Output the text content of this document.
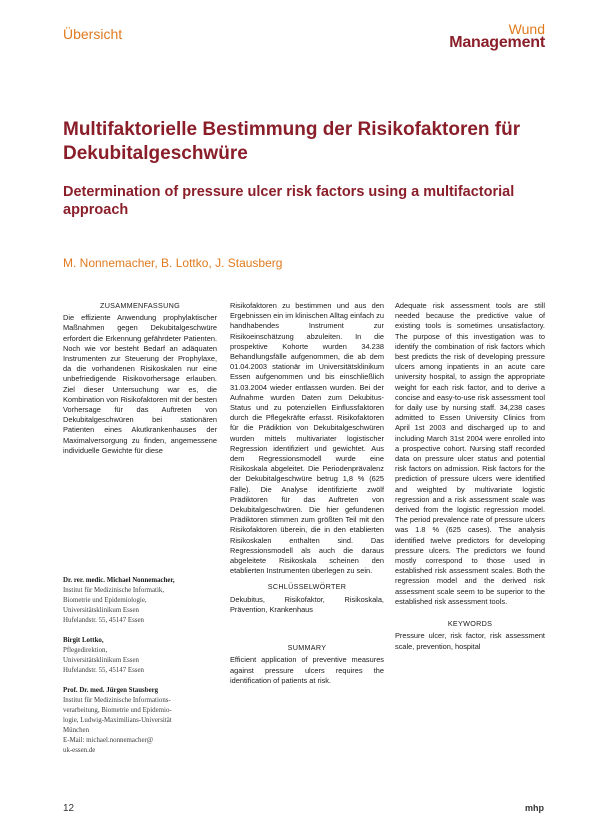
Übersicht	Wund
Management
Multifaktorielle Bestimmung der Risikofaktoren für Dekubitalgeschwüre
Determination of pressure ulcer risk factors using a multifactorial approach
M. Nonnemacher, B. Lottko, J. Stausberg
ZUSAMMENFASSUNG

Die effiziente Anwendung prophylaktischer Maßnahmen gegen Dekubitalgeschwüre erfordert die Erkennung gefährdeter Patienten. Noch wie vor besteht Bedarf an adäquaten Instrumenten zur Steuerung der Prophylaxe, da die vorhandenen Risikoskalen nur eine unbefriedigende Risikovorhersage erlauben. Ziel dieser Untersuchung war es, die Kombination von Risikofaktoren mit der besten Vorhersage für das Auftreten von Dekubitalgeschwüren bei stationären Patienten eines Akutkrankenhauses der Maximalversorgung zu finden, angemessene individuelle Gewichte für diese

Dr. rer. medic. Michael Nonnemacher,
Institut für Medizinische Informatik,
Biometrie und Epidemiologie,
Universitätsklinikum Essen
Hufelandstr. 55, 45147 Essen
Birgit Lottko,
Pflegedirektion,
Universitätsklinikum Essen
Hufelandstr. 55, 45147 Essen
Prof. Dr. med. Jürgen Stausberg
Institut für Medizinische Informations-
verarbeitung, Biometrie und Epidemio-
logie, Ludwig-Maximilians-Universität
München
E-Mail: michael.nonnemacher@
uk-essen.de

Risikofaktoren zu bestimmen und aus den Ergebnissen ein im klinischen Alltag einfach zu handhabendes Instrument zur Risikoeinschätzung abzuleiten. In die prospektive Kohorte wurden 34.238 Behandlungsfälle aufgenommen, die ab dem 01.04.2003 stationär im Universitätsklinikum Essen aufgenommen und bis einschließlich 31.03.2004 wieder entlassen wurden. Bei der Aufnahme wurden Daten zum Dekubitus-Status und zu potenziellen Einflussfaktoren durch die Pflegekräfte erfasst. Risikofaktoren für die Prädiktion von Dekubitalgeschwüren wurden mittels multivariater logistischer Regression identifiziert und gewichtet. Aus dem Regressionsmodell wurde eine Risikoskala abgeleitet. Die Periodenprävalenz der Dekubitalgeschwüre betrug 1,8 % (625 Fälle). Die Analyse identifizierte zwölf Prädiktoren für das Auftreten von Dekubitalgeschwüren. Die hier gefundenen Prädiktoren stimmen zum größten Teil mit den Risikofaktoren überein, die in den etablierten Risikoskalen enthalten sind. Das Regressionsmodell als auch die daraus abgeleitete Risikoskala scheinen den etablierten Instrumenten überlegen zu sein.

SCHLÜSSELWÖRTER

Dekubitus, Risikofaktor, Risikoskala, Prävention, Krankenhaus

SUMMARY

Efficient application of preventive measures against pressure ulcers requires the identification of patients at risk.

Adequate risk assessment tools are still needed because the predictive value of existing tools is sometimes unsatisfactory. The purpose of this investigation was to identify the combination of risk factors which best predicts the risk of developing pressure ulcers among inpatients in an acute care university hospital, to assign the appropriate weight for each risk factor, and to derive a concise and easy-to-use risk assessment tool for daily use by nursing staff. 34,238 cases admitted to Essen University Clinics from April 1st 2003 and discharged up to and including March 31st 2004 were enrolled into a prospective cohort. Nursing staff recorded data on pressure ulcer status and potential risk factors on admission. Risk factors for the prediction of pressure ulcers were identified and weighted by multivariate logistic regression and a risk assessment scale was derived from the logistic regression model. The period prevalence rate of pressure ulcers was 1.8 % (625 cases). The analysis identified twelve predictors for developing pressure ulcers. The predictors we found mostly correspond to those used in established risk assessment scales. Both the regression model and the derived risk assessment scale seem to be superior to the established risk assessment tools.

KEYWORDS

Pressure ulcer, risk factor, risk assessment scale, prevention, hospital

12	mhp
